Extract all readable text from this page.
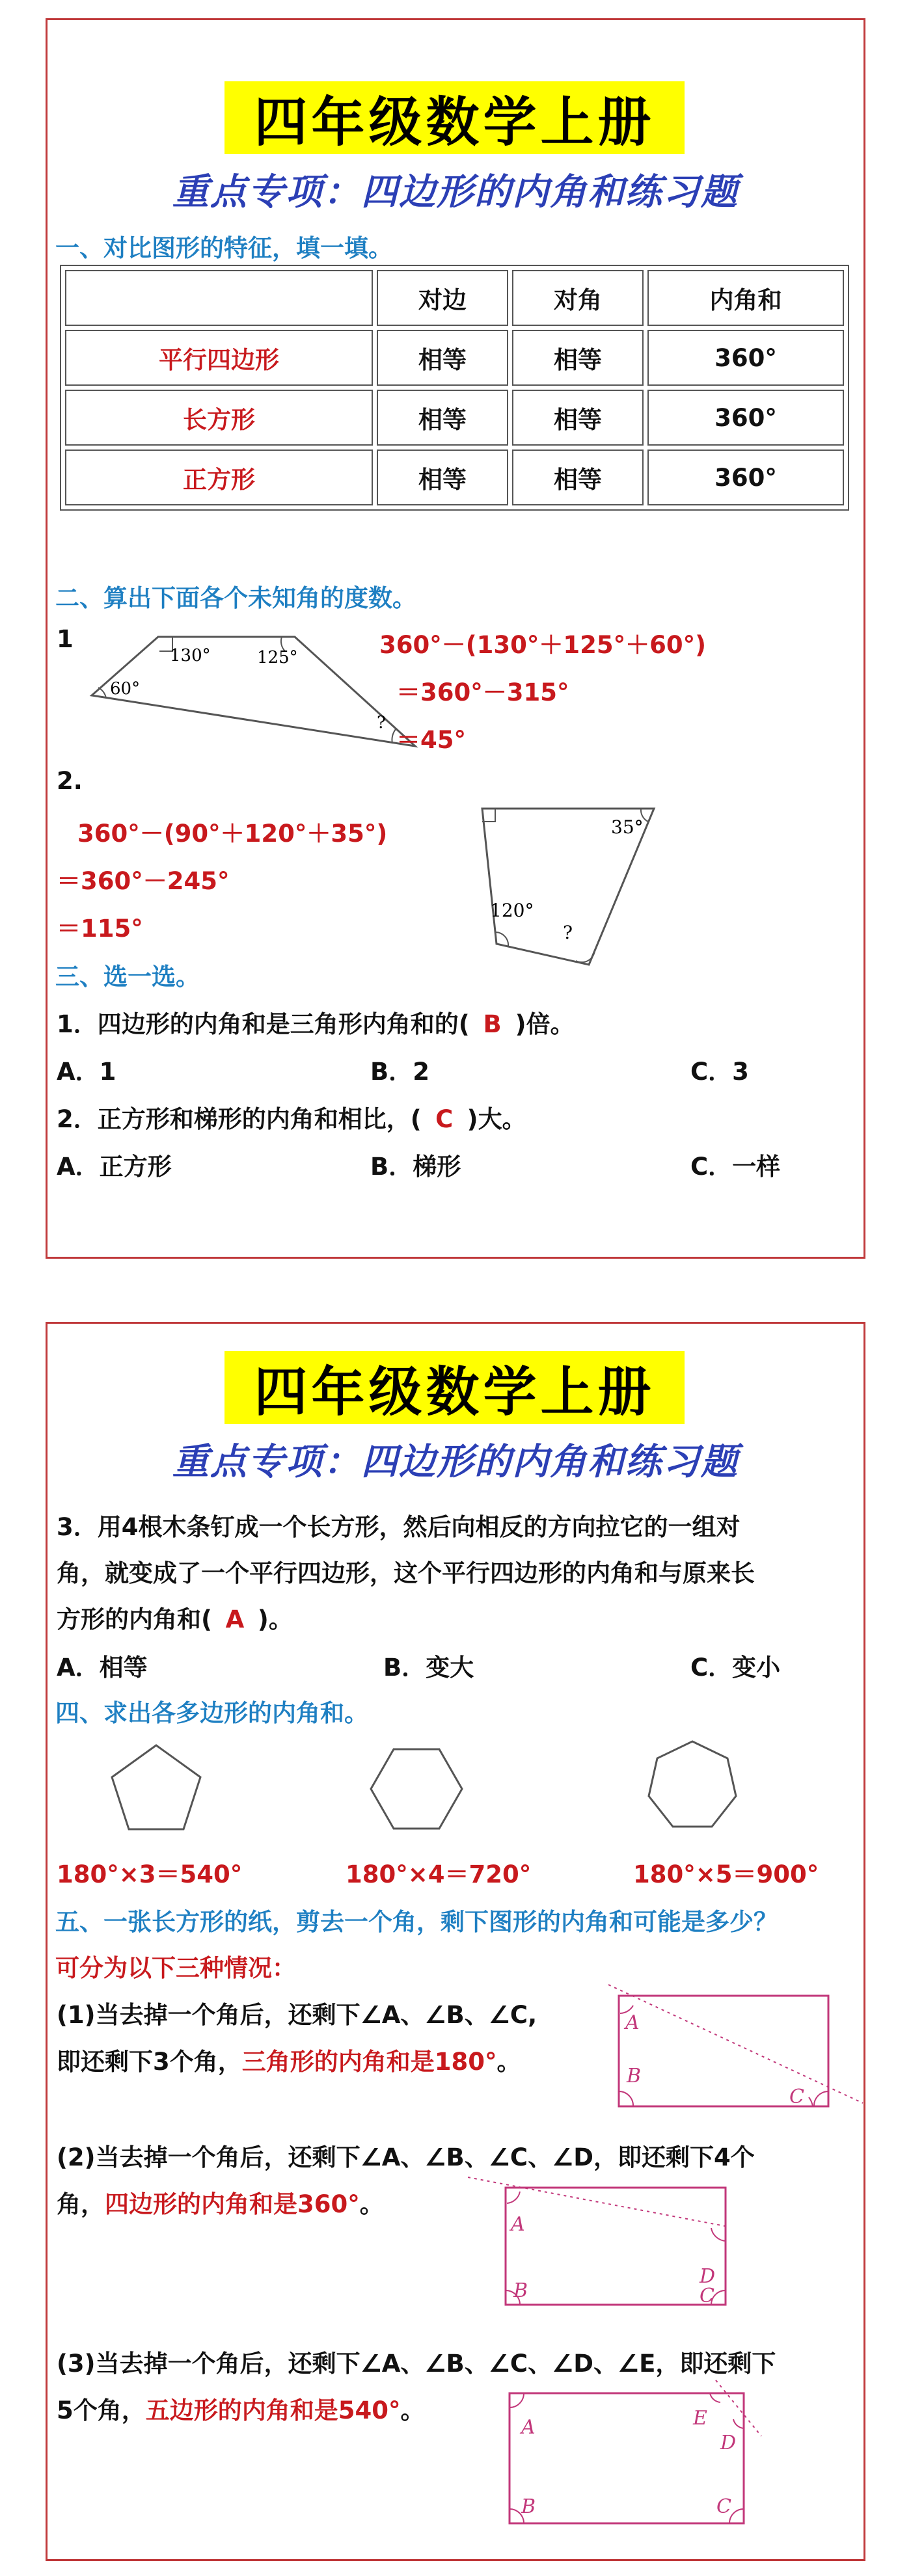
四年级数学上册
重点专项：四边形的内角和练习题
一、对比图形的特征，填一填。
	对边	对角	内角和
平行四边形	相等	相等	360°
长方形	相等	相等	360°
正方形	相等	相等	360°
二、算出下面各个未知角的度数。
1
130°	125°
60°
?
360°－(130°＋125°＋60°)
＝360°－315°
＝45°
2.
360°－(90°＋120°＋35°)
＝360°－245°
＝115°
35°
120°
?
三、选一选。
1．四边形的内角和是三角形内角和的( B )倍。
A．1	B．2	C．3
2．正方形和梯形的内角和相比，( C )大。
A．正方形	B．梯形	C．一样
四年级数学上册
重点专项：四边形的内角和练习题
3．用4根木条钉成一个长方形，然后向相反的方向拉它的一组对
角，就变成了一个平行四边形，这个平行四边形的内角和与原来长
方形的内角和( A )。
A．相等	B．变大	C．变小
四、求出各多边形的内角和。
180°×3＝540°	180°×4＝720°	180°×5＝900°
五、一张长方形的纸，剪去一个角，剩下图形的内角和可能是多少？
可分为以下三种情况：
(1)当去掉一个角后，还剩下∠A、∠B、∠C,
即还剩下3个角，三角形的内角和是180°。
A
B
C
(2)当去掉一个角后，还剩下∠A、∠B、∠C、∠D，即还剩下4个
角，四边形的内角和是360°。
A
B	C
D
(3)当去掉一个角后，还剩下∠A、∠B、∠C、∠D、∠E，即还剩下
5个角，五边形的内角和是540°。
A
B	C
D
E
